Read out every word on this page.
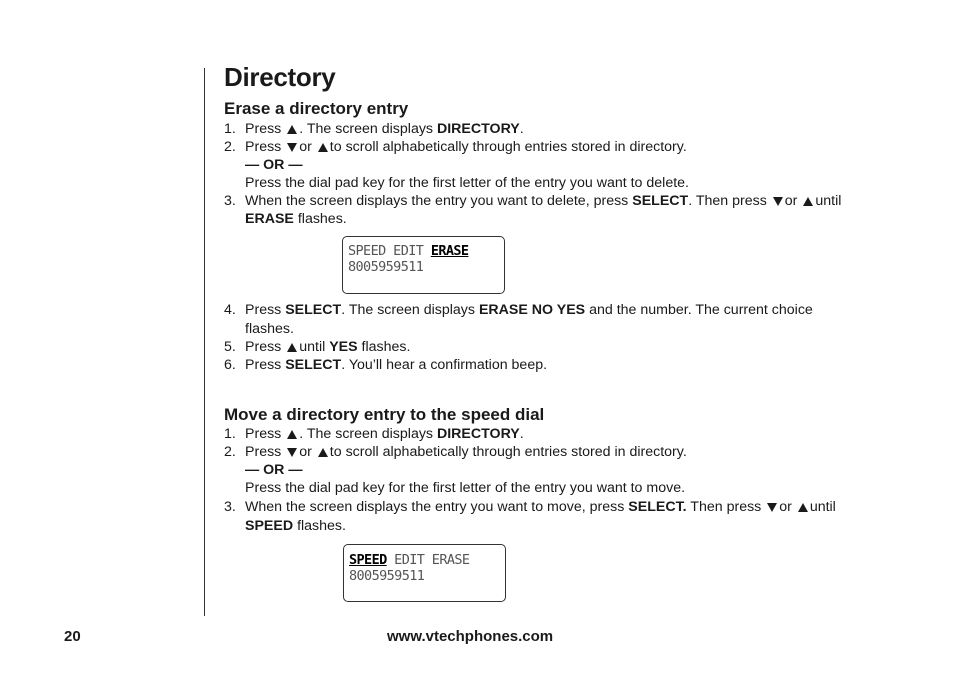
Directory
Erase a directory entry
1. Press . The screen displays DIRECTORY.
2. Press or to scroll alphabetically through entries stored in directory.
— OR —
Press the dial pad key for the first letter of the entry you want to delete.
3. When the screen displays the entry you want to delete, press SELECT. Then press or until
ERASE flashes.
SPEED EDIT ERASE
8005959511
4. Press SELECT. The screen displays ERASE NO YES and the number. The current choice
flashes.
5. Press until YES flashes.
6. Press SELECT. You’ll hear a confirmation beep.
Move a directory entry to the speed dial
1. Press . The screen displays DIRECTORY.
2. Press or to scroll alphabetically through entries stored in directory.
— OR —
Press the dial pad key for the first letter of the entry you want to move.
3. When the screen displays the entry you want to move, press SELECT. Then press or until
SPEED flashes.
SPEED EDIT ERASE
8005959511
20	www.vtechphones.com
